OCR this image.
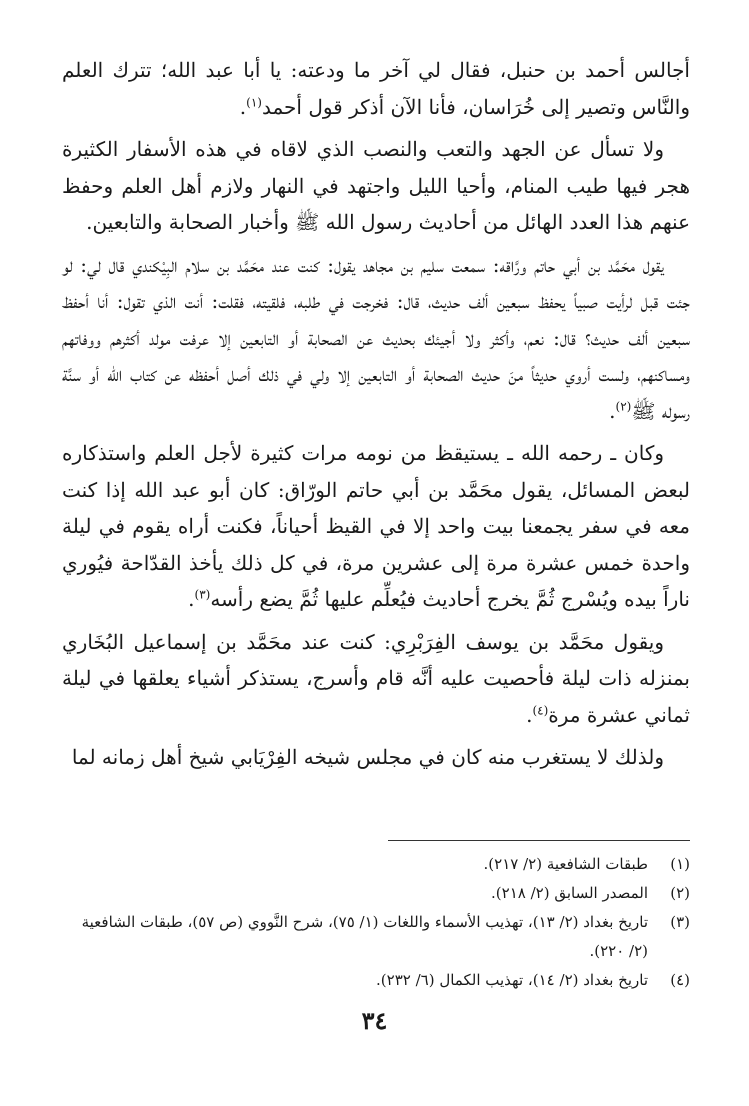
أجالس أحمد بن حنبل، فقال لي آخر ما ودعته: يا أبا عبد الله؛ تترك العلم والنَّاس وتصير إلى خُرَاسان، فأنا الآن أذكر قول أحمد$^{(١)}$.

ولا تسأل عن الجهد والتعب والنصب الذي لاقاه في هذه الأسفار الكثيرة هجر فيها طيب المنام، وأحيا الليل واجتهد في النهار ولازم أهل العلم وحفظ عنهم هذا العدد الهائل من أحاديث رسول الله ﷺ وأخبار الصحابة والتابعين.

يقول محَمَّد بن أبي حاتم ورَّاقه: سمعت سليم بن مجاهد يقول: كنت عند محَمَّد بن سلام البِيْكندي قال لي: لو جئت قبل لرأيت صبياً يحفظ سبعين ألف حديث، قال: فخرجت في طلبه، فلقيته، فقلت: أنت الذي تقول: أنا أحفظ سبعين ألف حديث؟ قال: نعم، وأكثر ولا أجيئك بحديث عن الصحابة أو التابعين إلا عرفت مولد أكثرهم ووفاتهم ومساكنهم، ولست أروي حديثاً منَ حديث الصحابة أو التابعين إلا ولي في ذلك أصل أحفظه عن كتاب الله أو سنَّة رسوله ﷺ$^{(٢)}$.

وكان ـ رحمه الله ـ يستيقظ من نومه مرات كثيرة لأجل العلم واستذكاره لبعض المسائل، يقول محَمَّد بن أبي حاتم الورّاق: كان أبو عبد الله إذا كنت معه في سفر يجمعنا بيت واحد إلا في القيظ أحياناً، فكنت أراه يقوم في ليلة واحدة خمس عشرة مرة إلى عشرين مرة، في كل ذلك يأخذ القدّاحة فيُوري ناراً بيده ويُسْرج ثُمَّ يخرج أحاديث فيُعلِّم عليها ثُمَّ يضع رأسه$^{(٣)}$.

ويقول محَمَّد بن يوسف الفِرَبْرِي: كنت عند محَمَّد بن إسماعيل البُخَاري بمنزله ذات ليلة فأحصيت عليه أنَّه قام وأسرج، يستذكر أشياء يعلقها في ليلة ثماني عشرة مرة$^{(٤)}$.

ولذلك لا يستغرب منه كان في مجلس شيخه الفِرْيَابي شيخ أهل زمانه لما

(١)
طبقات الشافعية (٢/ ٢١٧).
(٢)
المصدر السابق (٢/ ٢١٨).
(٣)
تاريخ بغداد (٢/ ١٣)، تهذيب الأسماء واللغات (١/ ٧٥)، شرح النَّووي (ص ٥٧)، طبقات الشافعية (٢/ ٢٢٠).
(٤)
تاريخ بغداد (٢/ ١٤)، تهذيب الكمال (٦/ ٢٣٢).
٣٤
